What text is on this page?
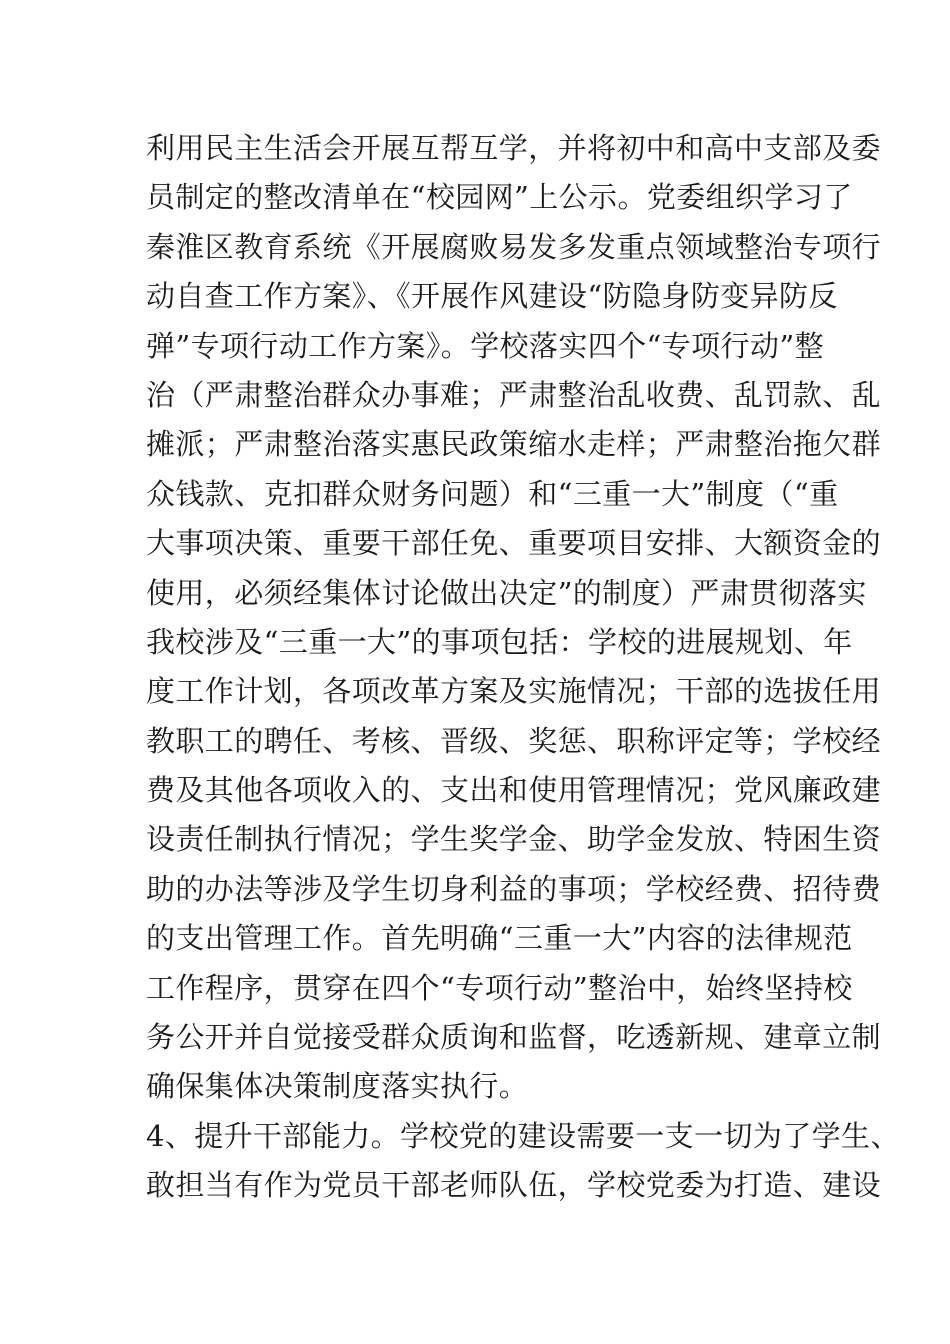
利用民主生活会开展互帮互学，并将初中和高中支部及委
员制定的整改清单在“校园网”上公示。党委组织学习了
秦淮区教育系统《开展腐败易发多发重点领域整治专项行
动自查工作方案》、《开展作风建设“防隐身防变异防反
弹”专项行动工作方案》。学校落实四个“专项行动”整
治（严肃整治群众办事难；严肃整治乱收费、乱罚款、乱
摊派；严肃整治落实惠民政策缩水走样；严肃整治拖欠群
众钱款、克扣群众财务问题）和“三重一大”制度（“重
大事项决策、重要干部任免、重要项目安排、大额资金的
使用，必须经集体讨论做出决定”的制度）严肃贯彻落实
我校涉及“三重一大”的事项包括：学校的进展规划、年
度工作计划，各项改革方案及实施情况；干部的选拔任用
教职工的聘任、考核、晋级、奖惩、职称评定等；学校经
费及其他各项收入的、支出和使用管理情况；党风廉政建
设责任制执行情况；学生奖学金、助学金发放、特困生资
助的办法等涉及学生切身利益的事项；学校经费、招待费
的支出管理工作。首先明确“三重一大”内容的法律规范
工作程序，贯穿在四个“专项行动”整治中，始终坚持校
务公开并自觉接受群众质询和监督，吃透新规、建章立制
确保集体决策制度落实执行。
4、提升干部能力。学校党的建设需要一支一切为了学生、
敢担当有作为党员干部老师队伍，学校党委为打造、建设
